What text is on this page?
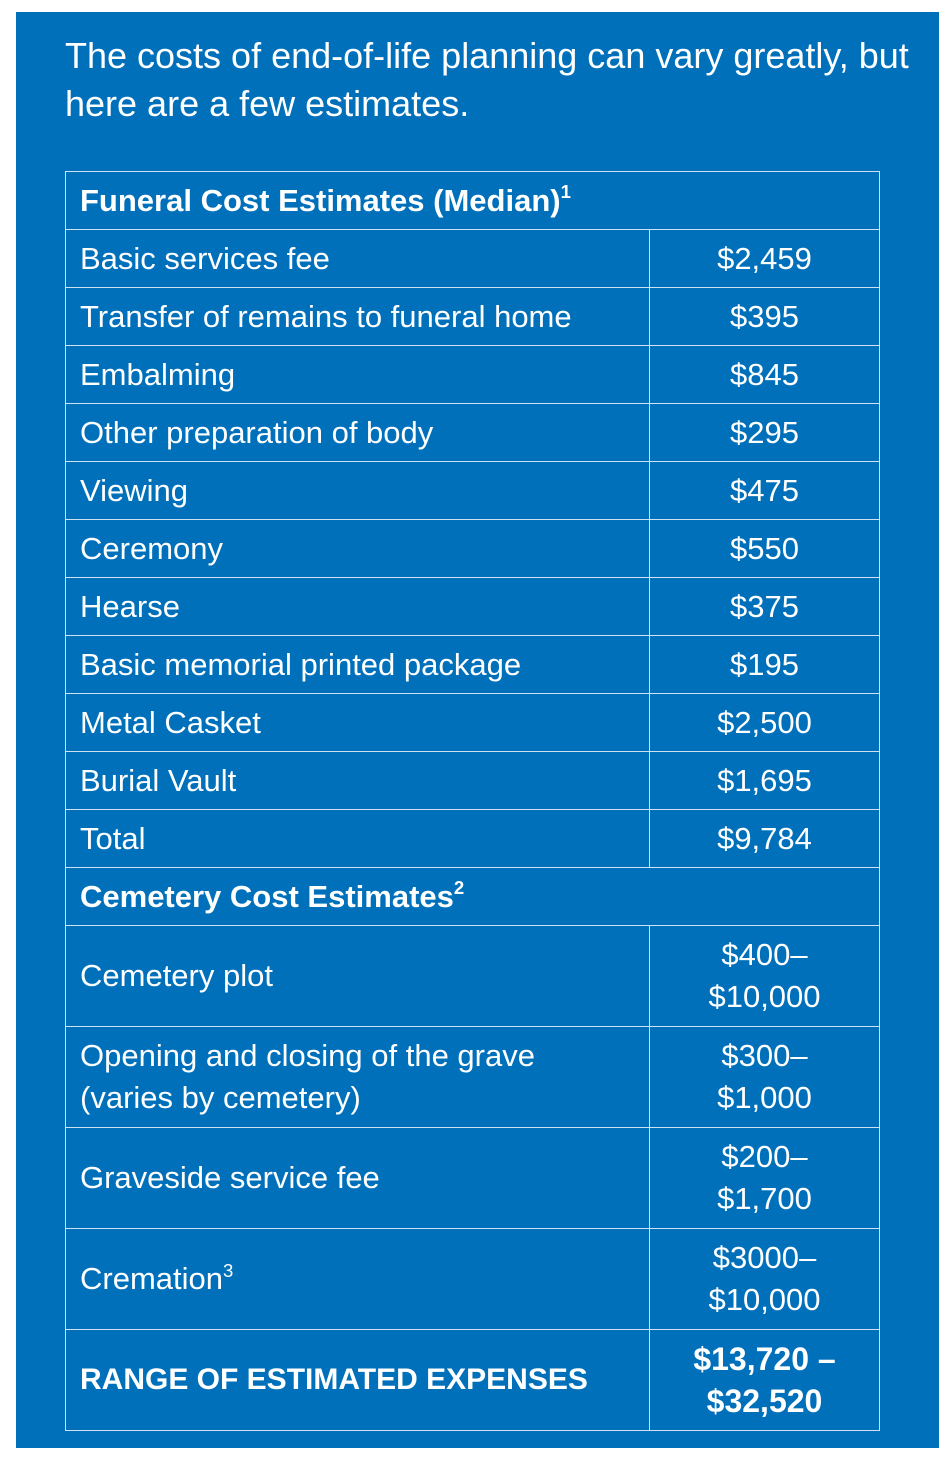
The costs of end-of-life planning can vary greatly, but here are a few estimates.

Funeral Cost Estimates (Median)$^1$
Basic services fee	$2,459
Transfer of remains to funeral home	$395
Embalming	$845
Other preparation of body	$295
Viewing	$475
Ceremony	$550
Hearse	$375
Basic memorial printed package	$195
Metal Casket	$2,500
Burial Vault	$1,695
Total	$9,784
Cemetery Cost Estimates$^2$
Cemetery plot	$400–
$10,000
Opening and closing of the grave
(varies by cemetery)	$300–
$1,000
Graveside service fee	$200–
$1,700
Cremation$^3$	$3000–
$10,000
RANGE OF ESTIMATED EXPENSES	$13,720 –
$32,520
